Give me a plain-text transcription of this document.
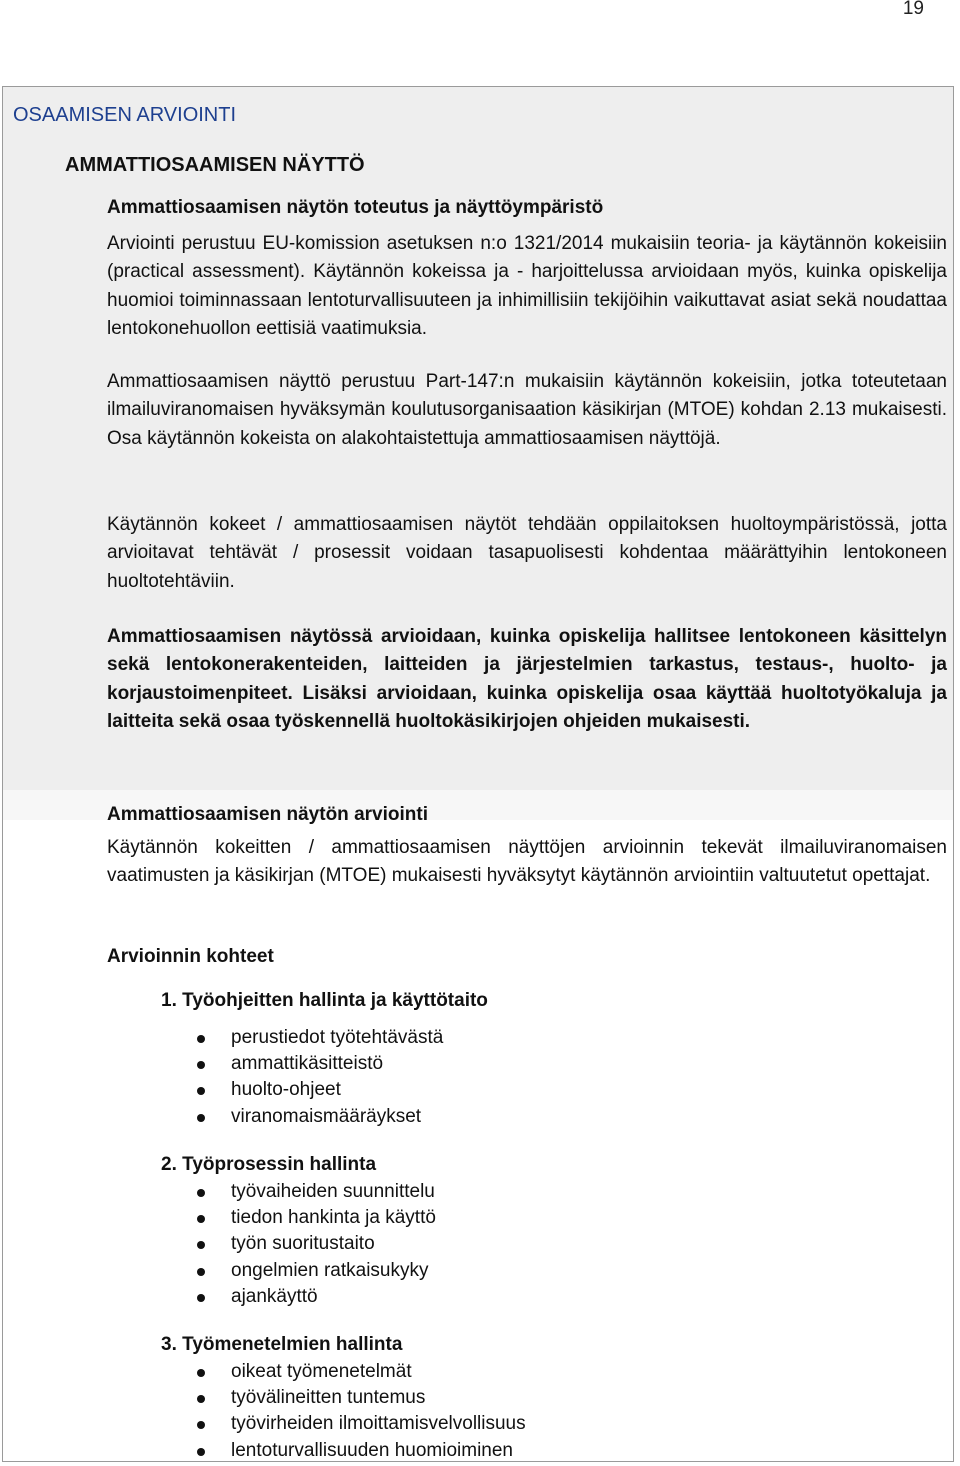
19
OSAAMISEN ARVIOINTI
AMMATTIOSAAMISEN NÄYTTÖ
Ammattiosaamisen näytön toteutus ja näyttöympäristö

Arviointi perustuu EU-komission asetuksen n:o 1321/2014 mukaisiin teoria- ja käytännön kokeisiin (practical assessment). Käytännön kokeissa ja - harjoittelussa arvioidaan myös, kuinka opiskelija huomioi toiminnassaan lentoturvallisuuteen ja inhimillisiin tekijöihin vaikuttavat asiat sekä noudattaa lentokonehuollon eettisiä vaatimuksia.

Ammattiosaamisen näyttö perustuu Part-147:n mukaisiin käytännön kokeisiin, jotka toteutetaan ilmailuviranomaisen hyväksymän koulutusorganisaation käsikirjan (MTOE) kohdan 2.13 mukaisesti. Osa käytännön kokeista on alakohtaistettuja ammattiosaamisen näyttöjä.

Käytännön kokeet / ammattiosaamisen näytöt tehdään oppilaitoksen huoltoympäristössä, jotta arvioitavat tehtävät / prosessit voidaan tasapuolisesti kohdentaa määrättyihin lentokoneen huoltotehtäviin.

Ammattiosaamisen näytössä arvioidaan, kuinka opiskelija hallitsee lentokoneen käsittelyn sekä lentokonerakenteiden, laitteiden ja järjestelmien tarkastus, testaus-, huolto- ja korjaustoimenpiteet. Lisäksi arvioidaan, kuinka opiskelija osaa käyttää huoltotyökaluja ja laitteita sekä osaa työskennellä huoltokäsikirjojen ohjeiden mukaisesti.

Ammattiosaamisen näytön arviointi

Käytännön kokeitten / ammattiosaamisen näyttöjen arvioinnin tekevät ilmailuviranomaisen vaatimusten ja käsikirjan (MTOE) mukaisesti hyväksytyt käytännön arviointiin valtuutetut opettajat.

Arvioinnin kohteet
1. Työohjeitten hallinta ja käyttötaito
perustiedot työtehtävästä
ammattikäsitteistö
huolto-ohjeet
viranomaismääräykset
2. Työprosessin hallinta
työvaiheiden suunnittelu
tiedon hankinta ja käyttö
työn suoritustaito
ongelmien ratkaisukyky
ajankäyttö
3. Työmenetelmien hallinta
oikeat työmenetelmät
työvälineitten tuntemus
työvirheiden ilmoittamisvelvollisuus
lentoturvallisuuden huomioiminen
